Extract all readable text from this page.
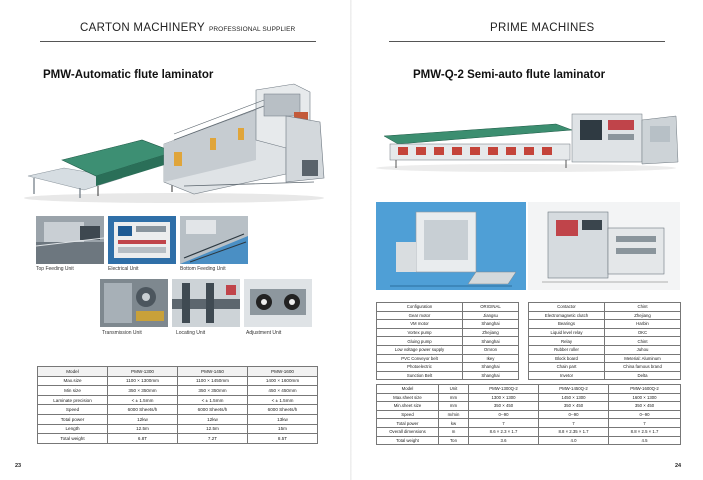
CARTON MACHINERY PROFESSIONAL SUPPLIER
PMW-Automatic flute laminator
Top Feeding Unit	Electrical Unit	Bottom Feeding Unit
Transmission Unit	Locating Unit	Adjustment Unit
Model	PMW-1300	PMW-1450	PMW-1600
Max.size	1100 × 1300mm	1100 × 1450mm	1400 × 1600mm
Min size	350 × 350mm	350 × 350mm	450 × 450mm
Laminate precision	< ± 1.5mm	< ± 1.5mm	< ± 1.5mm
Speed	6000 Sheets/h	6000 Sheets/h	6000 Sheets/h
Total power	12kw	12kw	13kw
Length	12.5m	12.5m	15m
Total weight	6.8T	7.2T	8.5T
23
PRIME MACHINES
PMW-Q-2 Semi-auto flute laminator
Configuration	ORIGINAL
Gear motor	Jiangsu
VM motor	Shanghai
Vortex pump	Zhejiang
Gluing pump	Shanghai
Low voltage power supply	Omron
PVC Conveyor belt	Ikey
Photoelectric	Shanghai
Sunction Belt	Shanghai
Contactor	Chint
Electromagnetic clutch	Zhejiang
Bearings	Harbin
Liquid level relay	OKC
Relay	Chint
Rubber roller	Juhou
Block board	Meterial: Aluminum
Chain part	China famous brand
Invetor	Delta
Model	Unit	PMW-1300Q-2	PMW-1450Q-2	PMW-1600Q-2
Max.sheet size	mm	1300 × 1300	1450 × 1300	1600 × 1300
Min.sheet size	mm	350 × 450	350 × 450	350 × 450
Speed	m/min	0--90	0--90	0--90
Total power	kw	7	7	7
Overall dimensions	m	8.6 × 2.3 × 1.7	8.8 × 2.35 × 1.7	8.8 × 2.5 × 1.7
Total weight	Ton	3.6	4.0	4.5
24
